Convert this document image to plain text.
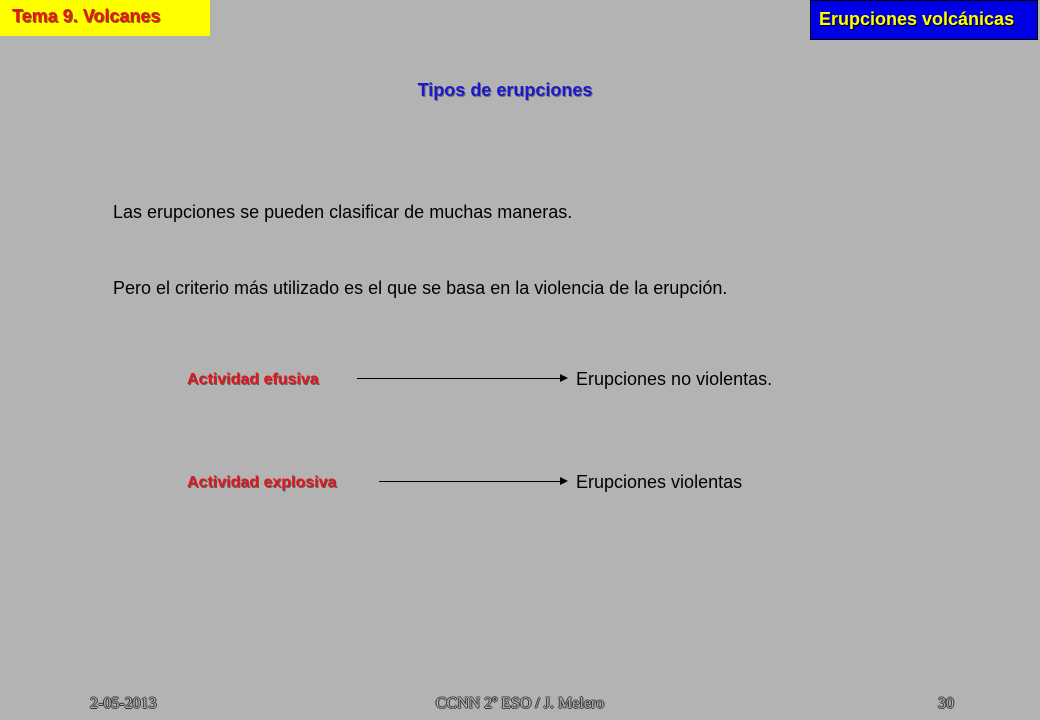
Tema 9. Volcanes	Erupciones volcánicas
Tipos de erupciones
Las erupciones se pueden clasificar de muchas maneras.
Pero el criterio más utilizado es el que se basa en la violencia de la erupción.
Actividad efusiva	Erupciones no violentas.
Actividad explosiva	Erupciones violentas
2-05-2013	CCNN 2º ESO / J. Melero	30
